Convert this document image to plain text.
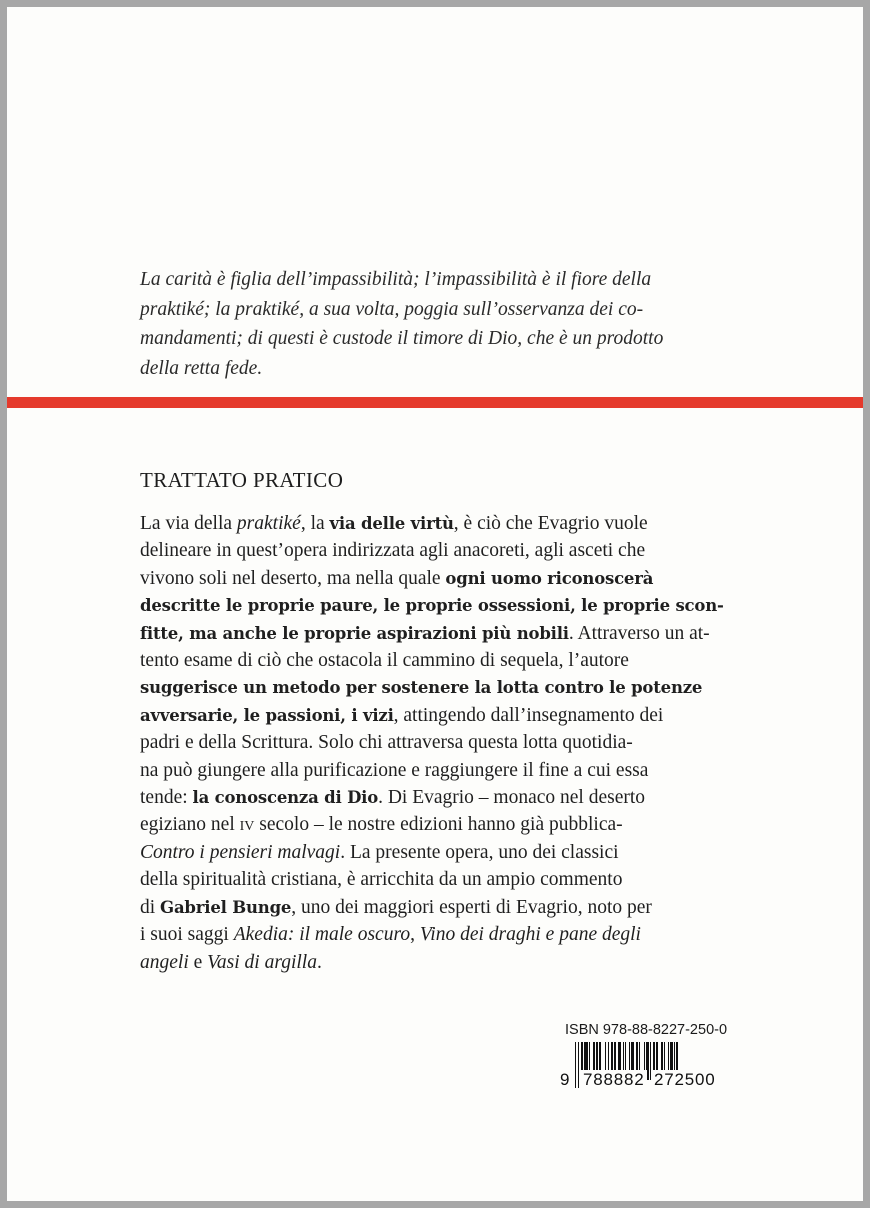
La carità è figlia dell’impassibilità; l’impassibilità è il fiore della
praktiké; la praktiké, a sua volta, poggia sull’osservanza dei co-
mandamenti; di questi è custode il timore di Dio, che è un prodotto
della retta fede.
TRATTATO PRATICO
La via della praktiké, la via delle virtù, è ciò che Evagrio vuole
delineare in quest’opera indirizzata agli anacoreti, agli asceti che
vivono soli nel deserto, ma nella quale ogni uomo riconoscerà
descritte le proprie paure, le proprie ossessioni, le proprie scon-
fitte, ma anche le proprie aspirazioni più nobili. Attraverso un at-
tento esame di ciò che ostacola il cammino di sequela, l’autore
suggerisce un metodo per sostenere la lotta contro le potenze
avversarie, le passioni, i vizi, attingendo dall’insegnamento dei
padri e della Scrittura. Solo chi attraversa questa lotta quotidia-
na può giungere alla purificazione e raggiungere il fine a cui essa
tende: la conoscenza di Dio. Di Evagrio – monaco nel deserto
egiziano nel iv secolo – le nostre edizioni hanno già pubblica-
Contro i pensieri malvagi. La presente opera, uno dei classici
della spiritualità cristiana, è arricchita da un ampio commento
di Gabriel Bunge, uno dei maggiori esperti di Evagrio, noto per
i suoi saggi Akedia: il male oscuro, Vino dei draghi e pane degli
angeli e Vasi di argilla.
ISBN 978-88-8227-250-0
9 788882 272500
